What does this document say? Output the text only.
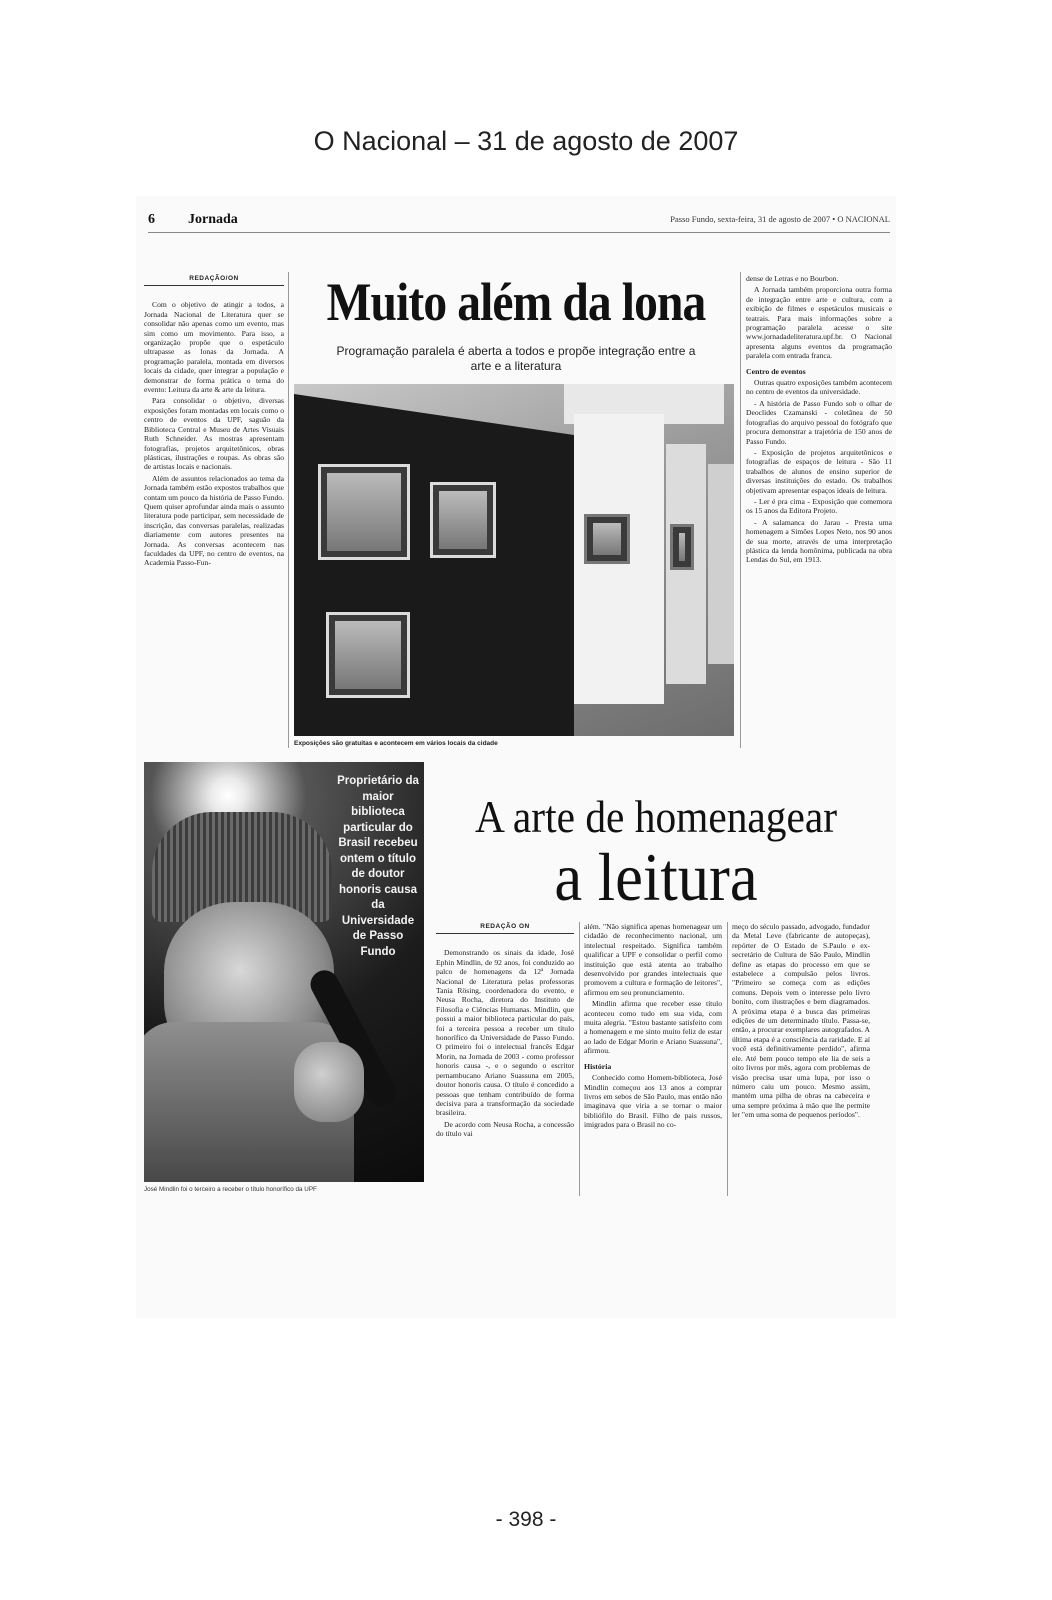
O Nacional – 31 de agosto de 2007
6 Jornada	Passo Fundo, sexta-feira, 31 de agosto de 2007 • O NACIONAL
REDAÇÃO/ON

Com o objetivo de atingir a todos, a Jornada Nacional de Literatura quer se consolidar não apenas como um evento, mas sim como um movimento. Para isso, a organização propõe que o espetáculo ultrapasse as lonas da Jornada. A programação paralela, montada em diversos locais da cidade, quer integrar a população e demonstrar de forma prática o tema do evento: Leitura da arte & arte da leitura.

Para consolidar o objetivo, diversas exposições foram montadas em locais como o centro de eventos da UPF, saguão da Biblioteca Central e Museu de Artes Visuais Ruth Schneider. As mostras apresentam fotografias, projetos arquitetônicos, obras plásticas, ilustrações e roupas. As obras são de artistas locais e nacionais.

Além de assuntos relacionados ao tema da Jornada também estão expostos trabalhos que contam um pouco da história de Passo Fundo. Quem quiser aprofundar ainda mais o assunto literatura pode participar, sem necessidade de inscrição, das conversas paralelas, realizadas diariamente com autores presentes na Jornada. As conversas acontecem nas faculdades da UPF, no centro de eventos, na Academia Passo-Fun-

Muito além da lona
Programação paralela é aberta a todos e propõe integração entre a arte e a literatura
Exposições são gratuitas e acontecem em vários locais da cidade

dense de Letras e no Bourbon.

A Jornada também proporciona outra forma de integração entre arte e cultura, com a exibição de filmes e espetáculos musicais e teatrais. Para mais informações sobre a programação paralela acesse o site www.jornadadeliteratura.upf.br. O Nacional apresenta alguns eventos da programação paralela com entrada franca.

Centro de eventos

Outras quatro exposições também acontecem no centro de eventos da universidade.

- A história de Passo Fundo sob o olhar de Deoclides Czamanski - coletânea de 50 fotografias do arquivo pessoal do fotógrafo que procura demonstrar a trajetória de 150 anos de Passo Fundo.

- Exposição de projetos arquitetônicos e fotografias de espaços de leitura - São 11 trabalhos de alunos de ensino superior de diversas instituições do estado. Os trabalhos objetivam apresentar espaços ideais de leitura.

- Ler é pra cima - Exposição que comemora os 15 anos da Editora Projeto.

- A salamanca do Jarau - Presta uma homenagem a Simões Lopes Neto, nos 90 anos de sua morte, através de uma interpretação plástica da lenda homônima, publicada na obra Lendas do Sul, em 1913.

Proprietário da maior biblioteca particular do Brasil recebeu ontem o título de doutor honoris causa da Universidade de Passo Fundo
José Mindlin foi o terceiro a receber o título honorífico da UPF
A arte de homenagear
a leitura
REDAÇÃO ON

Demonstrando os sinais da idade, José Ephin Mindlin, de 92 anos, foi conduzido ao palco de homenagens da 12ª Jornada Nacional de Literatura pelas professoras Tania Rösing, coordenadora do evento, e Neusa Rocha, diretora do Instituto de Filosofia e Ciências Humanas. Mindlin, que possui a maior biblioteca particular do país, foi a terceira pessoa a receber um título honorífico da Universidade de Passo Fundo. O primeiro foi o intelectual francês Edgar Morin, na Jornada de 2003 - como professor honoris causa -, e o segundo o escritor pernambucano Ariano Suassuna em 2005, doutor honoris causa. O título é concedido a pessoas que tenham contribuído de forma decisiva para a transformação da sociedade brasileira.

De acordo com Neusa Rocha, a concessão do título vai

além. "Não significa apenas homenagear um cidadão de reconhecimento nacional, um intelectual respeitado. Significa também qualificar a UPF e consolidar o perfil como instituição que está atenta ao trabalho desenvolvido por grandes intelectuais que promovem a cultura e formação de leitores", afirmou em seu pronunciamento.

Mindlin afirma que receber esse título aconteceu como tudo em sua vida, com muita alegria. "Estou bastante satisfeito com a homenagem e me sinto muito feliz de estar ao lado de Edgar Morin e Ariano Suassuna", afirmou.

História

Conhecido como Homem-biblioteca, José Mindlin começou aos 13 anos a comprar livros em sebos de São Paulo, mas então não imaginava que viria a se tornar o maior bibliófilo do Brasil. Filho de pais russos, imigrados para o Brasil no co-

meço do século passado, advogado, fundador da Metal Leve (fabricante de autopeças), repórter de O Estado de S.Paulo e ex-secretário de Cultura de São Paulo, Mindlin define as etapas do processo em que se estabelece a compulsão pelos livros. "Primeiro se começa com as edições comuns. Depois vem o interesse pelo livro bonito, com ilustrações e bem diagramados. A próxima etapa é a busca das primeiras edições de um determinado título. Passa-se, então, a procurar exemplares autografados. A última etapa é a consciência da raridade. E aí você está definitivamente perdido", afirma ele. Até bem pouco tempo ele lia de seis a oito livros por mês, agora com problemas de visão precisa usar uma lupa, por isso o número caiu um pouco. Mesmo assim, mantém uma pilha de obras na cabeceira e uma sempre próxima à mão que lhe permite ler "em uma soma de pequenos períodos".

- 398 -
